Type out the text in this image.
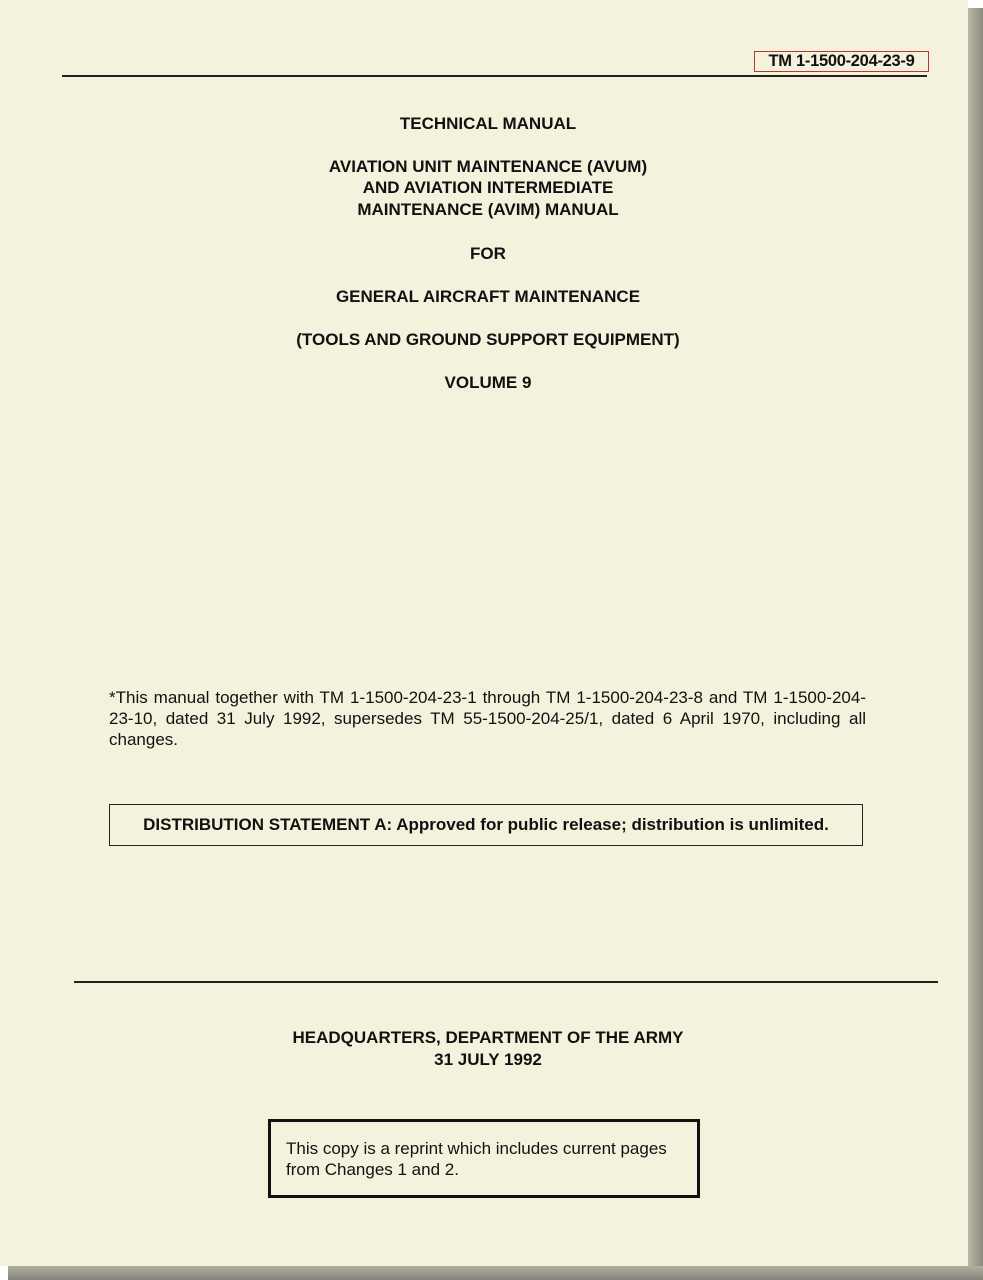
TM 1-1500-204-23-9
TECHNICAL MANUAL
AVIATION UNIT MAINTENANCE (AVUM)
AND AVIATION INTERMEDIATE
MAINTENANCE (AVIM) MANUAL
FOR
GENERAL AIRCRAFT MAINTENANCE
(TOOLS AND GROUND SUPPORT EQUIPMENT)
VOLUME 9
*This manual together with TM 1-1500-204-23-1 through TM 1-1500-204-23-8 and TM 1-1500-204-23-10, dated 31 July 1992, supersedes TM 55-1500-204-25/1, dated 6 April 1970, including all changes.
DISTRIBUTION STATEMENT A: Approved for public release; distribution is unlimited.
HEADQUARTERS, DEPARTMENT OF THE ARMY
31 JULY 1992
This copy is a reprint which includes current pages
from Changes 1 and 2.
